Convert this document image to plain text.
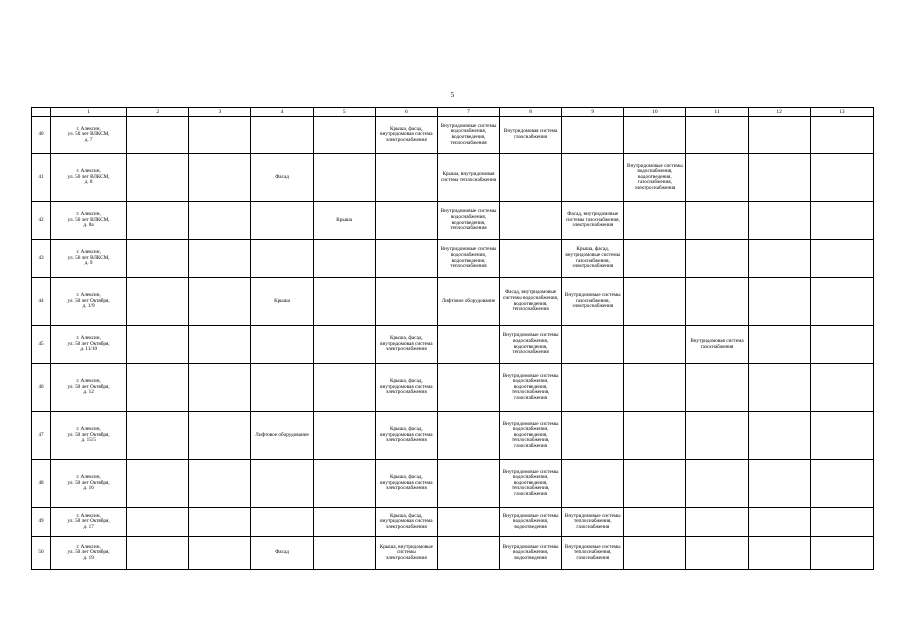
5
	1	2	3	4	5	6	7	8	9	10	11	12	13
40	г. Алексин,
ул. 50 лет ВЛКСМ,
д. 7					Крыша, фасад, внутридомовая система электроснабжения	Внутридомовые системы водоснабжения, водоотведения, теплоснабжения	Внутридомовая система газоснабжения					
41	г. Алексин,
ул. 50 лет ВЛКСМ,
д. 8			Фасад			Крыша, внутридомовая система теплоснабжения			Внутридомовые системы водоснабжения, водоотведения, газоснабжения, электроснабжения			
42	г. Алексин,
ул. 50 лет ВЛКСМ,
д. 8а				Крыша		Внутридомовые системы водоснабжения, водоотведения, теплоснабжения		Фасад, внутридомовые системы газоснабжения, электроснабжения				
43	г. Алексин,
ул. 50 лет ВЛКСМ,
д. 9						Внутридомовые системы водоснабжения, водоотведения, теплоснабжения		Крыша, фасад, внутридомовые системы газоснабжения, электроснабжения				
44	г. Алексин,
ул. 50 лет Октября,
д. 1/9			Крыша			Лифтовое оборудование	Фасад, внутридомовые системы водоснабжения, водоотведения, теплоснабжения	Внутридомовые системы газоснабжения, электроснабжения				
45	г. Алексин,
ул. 50 лет Октября,
д. 11/10					Крыша, фасад, внутридомовая система электроснабжения		Внутридомовые системы водоснабжения, водоотведения, теплоснабжения			Внутридомовая система газоснабжения		
46	г. Алексин,
ул. 50 лет Октября,
д. 12					Крыша, фасад, внутридомовая система электроснабжения		Внутридомовые системы водоснабжения, водоотведения, теплоснабжения, газоснабжения					
47	г. Алексин,
ул. 50 лет Октября,
д. 15/5			Лифтовое оборудование		Крыша, фасад, внутридомовая система электроснабжения		Внутридомовые системы водоснабжения, водоотведения, теплоснабжения, газоснабжения					
48	г. Алексин,
ул. 50 лет Октября,
д. 16					Крыша, фасад, внутридомовая система электроснабжения		Внутридомовые системы водоснабжения, водоотведения, теплоснабжения, газоснабжения					
49	г. Алексин,
ул. 50 лет Октября,
д. 17					Крыша, фасад, внутридомовая система электроснабжения		Внутридомовые системы водоснабжения, водоотведения	Внутридомовые системы теплоснабжения, газоснабжения				
50	г. Алексин,
ул. 50 лет Октября,
д. 19			Фасад		Крыша, внутридомовые системы электроснабжения		Внутридомовые системы водоснабжения, водоотведения	Внутридомовые системы теплоснабжения, газоснабжения				
